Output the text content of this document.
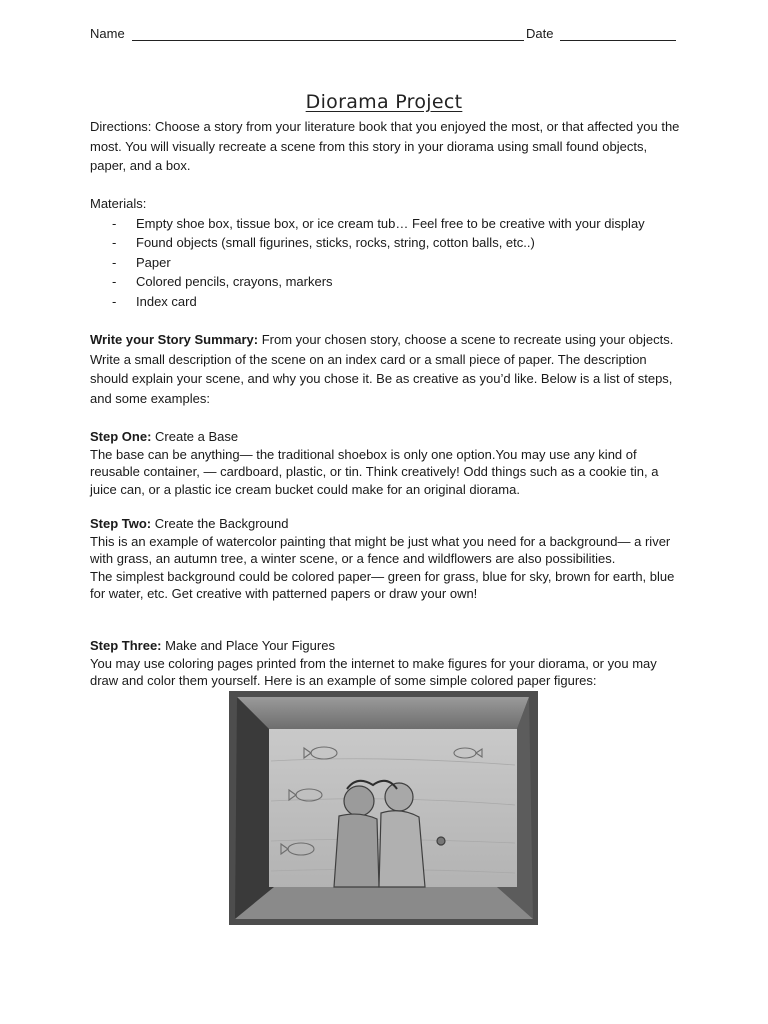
Name	Date
Diorama Project

Directions: Choose a story from your literature book that you enjoyed the most, or that affected you the most. You will visually recreate a scene from this story in your diorama using small found objects, paper, and a box.

Materials:

- Empty shoe box, tissue box, or ice cream tub… Feel free to be creative with your display
- Found objects (small figurines, sticks, rocks, string, cotton balls, etc..)
- Paper
- Colored pencils, crayons, markers
- Index card

Write your Story Summary: From your chosen story, choose a scene to recreate using your objects. Write a small description of the scene on an index card or a small piece of paper. The description should explain your scene, and why you chose it. Be as creative as you’d like. Below is a list of steps, and some examples:

Step One: Create a Base

The base can be anything— the traditional shoebox is only one option.You may use any kind of reusable container, — cardboard, plastic, or tin. Think creatively! Odd things such as a cookie tin, a juice can, or a plastic ice cream bucket could make for an original diorama.

Step Two: Create the Background

This is an example of watercolor painting that might be just what you need for a background— a river with grass, an autumn tree, a winter scene, or a fence and wildflowers are also possibilities.

The simplest background could be colored paper— green for grass, blue for sky, brown for earth, blue for water, etc. Get creative with patterned papers or draw your own!

Step Three: Make and Place Your Figures

You may use coloring pages printed from the internet to make figures for your diorama, or you may draw and color them yourself. Here is an example of some simple colored paper figures:
